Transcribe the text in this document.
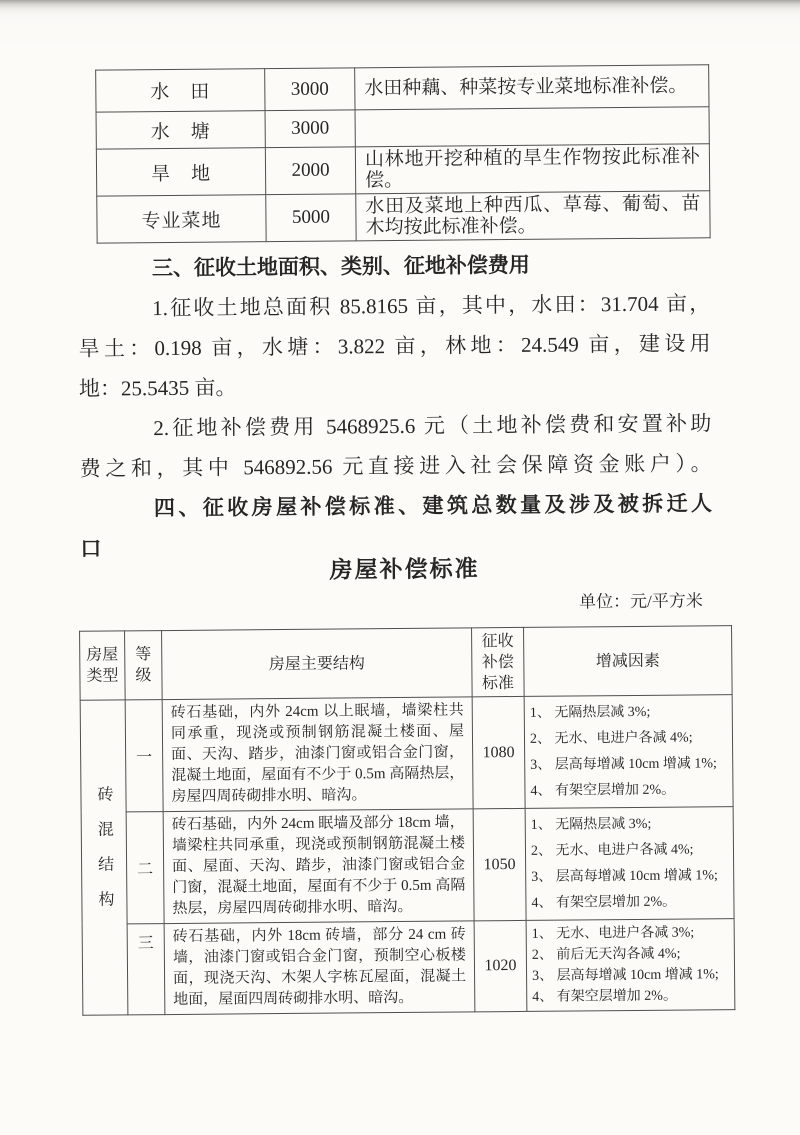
水　田	3000	水田种藕、种菜按专业菜地标准补偿。
水　塘	3000	
旱　地	2000	山林地开挖种植的旱生作物按此标准补偿。
专业菜地	5000	水田及菜地上种西瓜、草莓、葡萄、苗木均按此标准补偿。
三、征收土地面积、类别、征地补偿费用
1.征收土地总面积 85.8165 亩，其中，水田：31.704 亩，
旱土：0.198 亩，水塘：3.822 亩，林地：24.549 亩，建设用
地：25.5435 亩。
2.征地补偿费用 5468925.6 元（土地补偿费和安置补助
费之和，其中 546892.56 元直接进入社会保障资金账户）。
四、征收房屋补偿标准、建筑总数量及涉及被拆迁人
口
房屋补偿标准
单位：元/平方米
房屋类型	等级	房屋主要结构	征收补偿标准	增减因素
砖混结构	一	砖石基础，内外 24cm 以上眠墙，墙梁柱共同承重，现浇或预制钢筋混凝土楼面、屋面、天沟、踏步，油漆门窗或铝合金门窗，混凝土地面，屋面有不少于 0.5m 高隔热层，房屋四周砖砌排水明、暗沟。	1080	1、 无隔热层减 3%;
2、 无水、电进户各减 4%;
3、 层高每增减 10cm 增减 1%;
4、 有架空层增加 2%。

	二	砖石基础，内外 24cm 眠墙及部分 18cm 墙，墙梁柱共同承重，现浇或预制钢筋混凝土楼面、屋面、天沟、踏步，油漆门窗或铝合金门窗，混凝土地面，屋面有不少于 0.5m 高隔热层，房屋四周砖砌排水明、暗沟。	1050	1、 无隔热层减 3%;
2、 无水、电进户各减 4%;
3、 层高每增减 10cm 增减 1%;
4、 有架空层增加 2%。

	三	砖石基础，内外 18cm 砖墙，部分 24 cm 砖墙，油漆门窗或铝合金门窗，预制空心板楼面，现浇天沟、木架人字栋瓦屋面，混凝土地面，屋面四周砖砌排水明、暗沟。	1020	1、 无水、电进户各减 3%;
2、 前后无天沟各减 4%;
3、 层高每增减 10cm 增减 1%;
4、 有架空层增加 2%。
